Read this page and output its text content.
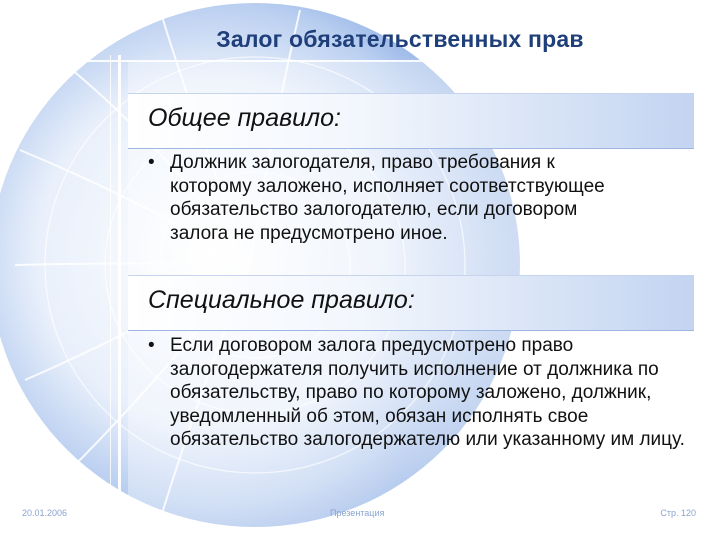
Залог обязательственных прав
Общее правило:
• Должник залогодателя, право требования к которому заложено, исполняет соответствующее обязательство залогодателю, если договором залога не предусмотрено иное.
Специальное правило:
• Если договором залога предусмотрено право залогодержателя получить исполнение от должника по обязательству, право по которому заложено, должник, уведомленный об этом, обязан исполнять свое обязательство залогодержателю или указанному им лицу.
20.01.2006	Презентация	Стр. 120
